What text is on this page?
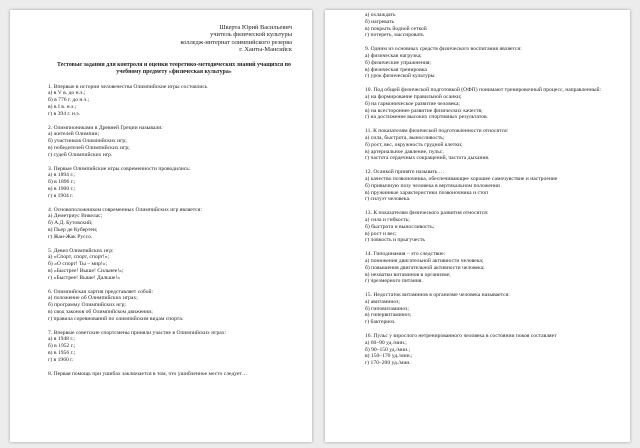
Шкерта Юрий Васильевич
учитель физической культуры
колледж-интернат олимпийского резерва
г. Ханты-Мансийск
Тестовые задания для контроля и оценки теоретико-методических знаний учащихся по учебному предмету «физическая культура»
1. Впервые в истории человечества Олимпийские игры состоялись
а) в V в. до н.э.;
б) в 776 г. до н.э.;
в) в I в. н.э.;
г) в 394 г. н.э.
2. Олимпиониками в Древней Греции называли:
а) жителей Олимпии;
б) участников Олимпийских игр;
в) победителей Олимпийских игр;
г) судей Олимпийских игр.
3. Первые Олимпийские игры современности проводились:
а) в 1894 г.;
б) в 1896 г.;
в) в 1900 г.;
г) в 1904 г.
4. Основоположником современных Олимпийских игр является:
а) Деметриус Викелас;
б) А.Д. Бутовский;
в) Пьер де Кубертен;
г) Жан-Жак Руссо.
5. Девиз Олимпийских игр:
а) «Спорт, спорт, спорт!»;
б) «О спорт! Ты – мир!»;
в) «Быстрее! Выше! Сильнее!»;
г) «Быстрее! Выше! Дальше!»
6. Олимпийская хартия представляет собой:
а) положение об Олимпийских играх;
б) программу Олимпийских игр;
в) свод законов об Олимпийском движении;
г) правила соревнований по олимпийским видам спорта.
7. Впервые советские спортсмены приняли участие в Олимпийских играх:
а) в 1948 г.;
б) в 1952 г.;
в) в 1956 г.;
г) в 1960 г.
8. Первая помощь при ушибах заключается в том, что ушибленное место следует…
а) охлаждать
б) нагревать
в) покрыть йодной сеткой
г) потереть, массировать
9. Одним из основных средств физического воспитания является:
а) физическая нагрузка;
б) физические упражнения;
в) физическая тренировка
г) урок физической культуры
10. Под общей физической подготовкой (ОФП) понимают тренировочный процесс, направленный:
а) на формирование правильной осанки;
б) на гармоническое развитие человека;
в) на всестороннее развитие физических качеств;
г) на достижение высоких спортивных результатов.
11. К показателям физической подготовленности относятся:
а) сила, быстрота, выносливость;
б) рост, вес, окружность грудной клетки;
в) артериальное давление, пульс;
г) частота сердечных сокращений, частота дыхания.
12. Осанкой принято называть …
а) качество позвоночника, обеспечивающее хорошее самочувствие и настроение
б) привычную позу человека в вертикальном положении
в) пружинные характеристики позвоночника и стоп
г) силуэт человека.
13. К показателям физического развития относятся:
а) сила и гибкость;
б) быстрота и выносливость;
в) рост и вес;
г) ловкость и прыгучесть
14. Гиподинамия – это следствие:
а) понижения двигательной активности человека;
б) повышения двигательной активности человека;
в) нехватки витаминов в организме;
г) чрезмерного питания.
15. Недостаток витаминов в организме человека называется:
а) авитаминоз;
б) гиповитаминоз;
в) гипервитаминоз;
г) бактериоз.
16. Пульс у взрослого нетренированного человека в состоянии покоя составляет
а) 60–90 уд./мин.;
б) 90–150 уд./мин.;
в) 150–170 уд./мин.;
г) 170–200 уд./мин.
